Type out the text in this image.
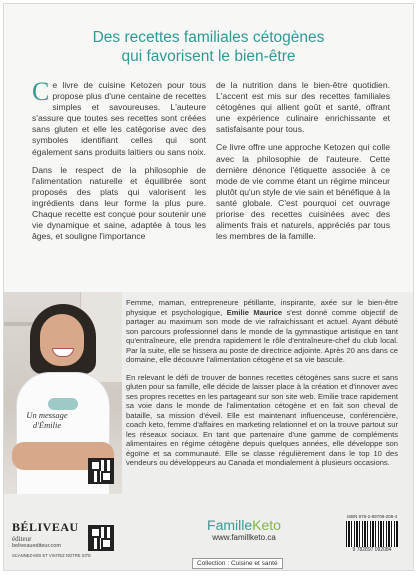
Des recettes familiales cétogènes
qui favorisent le bien-être

Ce livre de cuisine Ketozen pour tous propose plus d'une centaine de recettes simples et savoureuses. L'auteure s'assure que toutes ses recettes sont créées sans gluten et elle les catégorise avec des symboles identifiant celles qui sont également sans produits laitiers ou sans noix.

Dans le respect de la philosophie de l'alimentation naturelle et équilibrée sont proposés des plats qui valorisent les ingrédients dans leur forme la plus pure. Chaque recette est conçue pour soutenir une vie dynamique et saine, adaptée à tous les âges, et souligne l'importance

de la nutrition dans le bien-être quotidien. L'accent est mis sur des recettes familiales cétogènes qui allient goût et santé, offrant une expérience culinaire enrichissante et satisfaisante pour tous.

Ce livre offre une approche Ketozen qui colle avec la philosophie de l'auteure. Cette dernière dénonce l'étiquette associée à ce mode de vie comme étant un régime minceur plutôt qu'un style de vie sain et bénéfique à la santé globale. C'est pourquoi cet ouvrage priorise des recettes cuisinées avec des aliments frais et naturels, appréciés par tous les membres de la famille.

Un message d'Émilie

Femme, maman, entrepreneure pétillante, inspirante, axée sur le bien-être physique et psychologique, Emilie Maurice s'est donné comme objectif de partager au maximum son mode de vie rafraichissant et actuel. Ayant débuté son parcours professionnel dans le monde de la gymnastique artistique en tant qu'entraîneure, elle prendra rapidement le rôle d'entraîneure-chef du club local. Par la suite, elle se hissera au poste de directrice adjointe. Après 20 ans dans ce domaine, elle découvre l'alimentation cétogène et sa vie bascule.

En relevant le défi de trouver de bonnes recettes cétogènes sans sucre et sans gluten pour sa famille, elle décide de laisser place à la création et d'innover avec ses propres recettes en les partageant sur son site web. Emilie trace rapidement sa voie dans le monde de l'alimentation cétogène et en fait son cheval de bataille, sa mission d'éveil. Elle est maintenant influenceuse, conférencière, coach keto, femme d'affaires en marketing relationnel et on la trouve partout sur les réseaux sociaux. En tant que partenaire d'une gamme de compléments alimentaires en régime cétogène depuis quelques années, elle développe son égoïne et sa communauté. Elle se classe régulièrement dans le top 10 des vendeurs ou développeurs au Canada et mondialement à plusieurs occasions.

BÉLIVEAU
éditeur
beliveauediteur.com
SCANNEZ-MOI ET VISITEZ NOTRE SITE
FamilleKeto
www.famillketo.ca
Collection : Cuisine et santé
ISBN 978-2-89708-208-4
9 782897 092084
